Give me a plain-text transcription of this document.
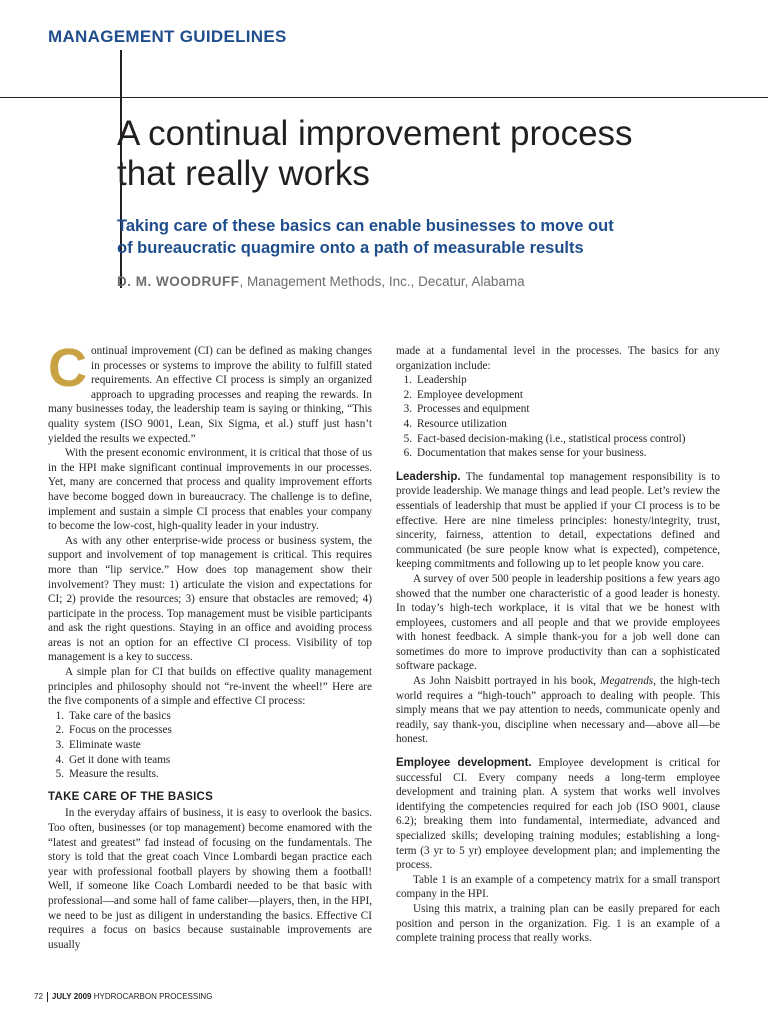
MANAGEMENT GUIDELINES
A continual improvement process
that really works
Taking care of these basics can enable businesses to move out
of bureaucratic quagmire onto a path of measurable results
D. M. WOODRUFF, Management Methods, Inc., Decatur, Alabama

Continual improvement (CI) can be defined as making changes in processes or systems to improve the ability to fulfill stated requirements. An effective CI process is simply an organized approach to upgrading processes and reaping the rewards. In many businesses today, the leadership team is saying or thinking, “This quality system (ISO 9001, Lean, Six Sigma, et al.) stuff just hasn’t yielded the results we expected.”

With the present economic environment, it is critical that those of us in the HPI make significant continual improvements in our processes. Yet, many are concerned that process and quality improvement efforts have become bogged down in bureaucracy. The challenge is to define, implement and sustain a simple CI process that enables your company to become the low-cost, high-quality leader in your industry.

As with any other enterprise-wide process or business system, the support and involvement of top management is critical. This requires more than “lip service.” How does top management show their involvement? They must: 1) articulate the vision and expectations for CI; 2) provide the resources; 3) ensure that obstacles are removed; 4) participate in the process. Top management must be visible participants and ask the right questions. Staying in an office and avoiding process areas is not an option for an effective CI process. Visibility of top management is a key to success.

A simple plan for CI that builds on effective quality management principles and philosophy should not “re-invent the wheel!” Here are the five components of a simple and effective CI process:

1. Take care of the basics
2. Focus on the processes
3. Eliminate waste
4. Get it done with teams
5. Measure the results.
TAKE CARE OF THE BASICS

In the everyday affairs of business, it is easy to overlook the basics. Too often, businesses (or top management) become enamored with the “latest and greatest” fad instead of focusing on the fundamentals. The story is told that the great coach Vince Lombardi began practice each year with professional football players by showing them a football! Well, if someone like Coach Lombardi needed to be that basic with professional—and some hall of fame caliber—players, then, in the HPI, we need to be just as diligent in understanding the basics. Effective CI requires a focus on basics because sustainable improvements are usually

made at a fundamental level in the processes. The basics for any organization include:

1. Leadership
2. Employee development
3. Processes and equipment
4. Resource utilization
5. Fact-based decision-making (i.e., statistical process control)
6. Documentation that makes sense for your business.

Leadership. The fundamental top management responsibility is to provide leadership. We manage things and lead people. Let’s review the essentials of leadership that must be applied if your CI process is to be effective. Here are nine timeless principles: honesty/integrity, trust, sincerity, fairness, attention to detail, expectations defined and communicated (be sure people know what is expected), competence, keeping commitments and following up to let people know you care.

A survey of over 500 people in leadership positions a few years ago showed that the number one characteristic of a good leader is honesty. In today’s high-tech workplace, it is vital that we be honest with employees, customers and all people and that we provide employees with honest feedback. A simple thank-you for a job well done can sometimes do more to improve productivity than can a sophisticated software package.

As John Naisbitt portrayed in his book, Megatrends, the high-tech world requires a “high-touch” approach to dealing with people. This simply means that we pay attention to needs, communicate openly and readily, say thank-you, discipline when necessary and—above all—be honest.

Employee development. Employee development is critical for successful CI. Every company needs a long-term employee development and training plan. A system that works well involves identifying the competencies required for each job (ISO 9001, clause 6.2); breaking them into fundamental, intermediate, advanced and specialized skills; developing training modules; establishing a long-term (3 yr to 5 yr) employee development plan; and implementing the process.

Table 1 is an example of a competency matrix for a small transport company in the HPI.

Using this matrix, a training plan can be easily prepared for each position and person in the organization. Fig. 1 is an example of a complete training process that really works.

72 JULY 2009 HYDROCARBON PROCESSING
